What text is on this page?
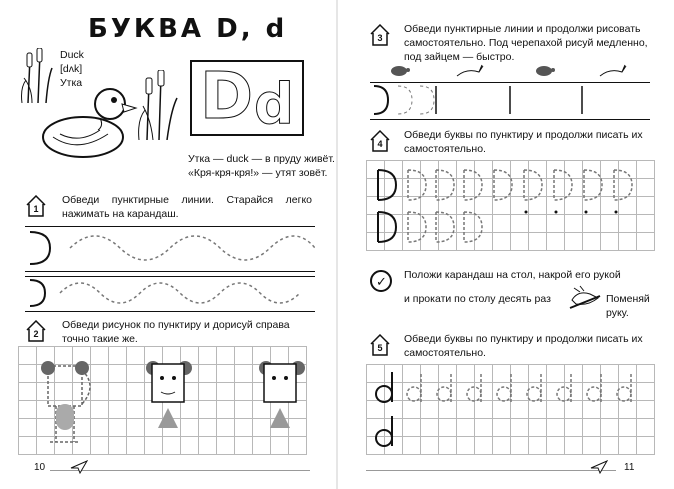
БУКВА D, d
Duck
[dʌk]
Утка D d
Утка — duck — в пруду живёт.
«Кря-кря-кря!» — утят зовёт.
1
Обведи пунктирные линии. Старайся легко нажимать на карандаш.
2
Обведи рисунок по пунктиру и дорисуй справа точно такие же.
10
3
Обведи пунктирные линии и продолжи рисовать самостоятельно. Под черепахой рисуй медленно, под зайцем — быстро.
4
Обведи буквы по пунктиру и продолжи писать их самостоятельно.
✓ Положи карандаш на стол, накрой его рукой
и прокати по столу десять раз	Поменяй руку.
5
Обведи буквы по пунктиру и продолжи писать их самостоятельно.
11
